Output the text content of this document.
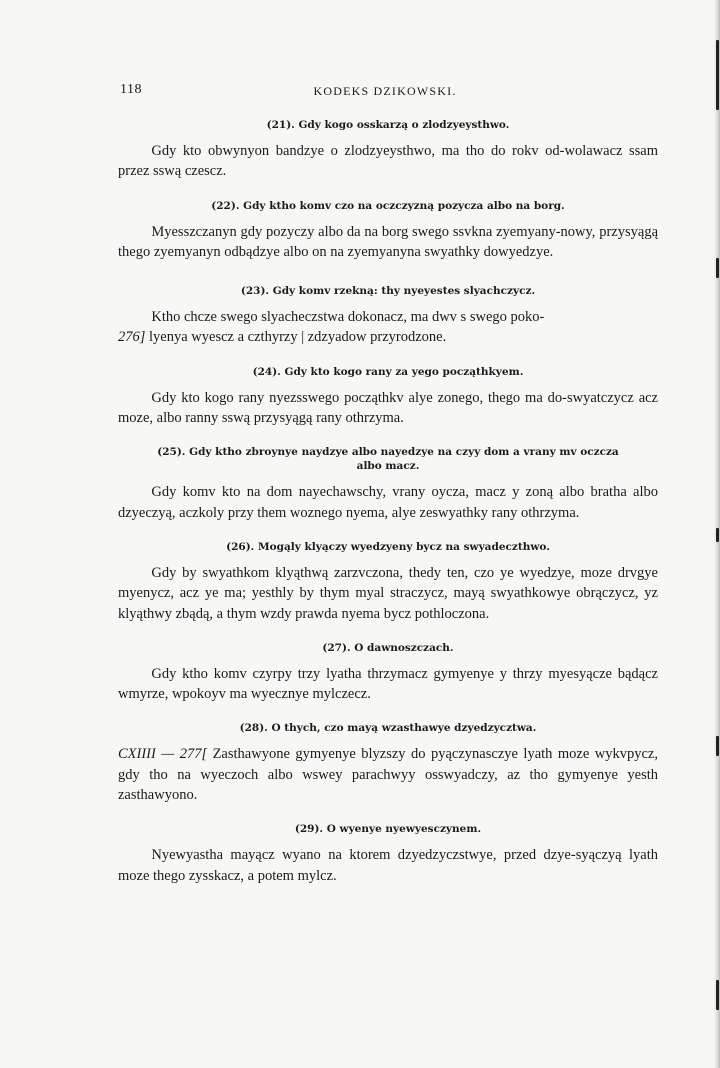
118	KODEKS DZIKOWSKI.
(21). Gdy kogo osskarzą o zlodzyeysthwo.

Gdy kto obwynyon bandzye o zlodzyeysthwo, ma tho do rokv od-wolawacz ssam przez sswą czescz.

(22). Gdy ktho komv czo na oczczyzną pozycza albo na borg.

Myesszczanyn gdy pozyczy albo da na borg swego ssvkna zyemyany-nowy, przysyągą thego zyemyanyn odbądzye albo on na zyemyanyna swyathky dowyedzye.

(23). Gdy komv rzekną: thy nyeyestes slyachczycz.

Ktho chcze swego slyacheczstwa dokonacz, ma dwv s swego poko-

276] lyenya wyescz a czthyrzy | zdzyadow przyrodzone.

(24). Gdy kto kogo rany za yego począthkyem.

Gdy kto kogo rany nyezsswego począthkv alye zonego, thego ma do-swyatczycz acz moze, albo ranny sswą przysyągą rany othrzyma.

(25). Gdy ktho zbroynye naydzye albo nayedzye na czyy dom a vrany mv oczcza albo macz.

Gdy komv kto na dom nayechawschy, vrany oycza, macz y zoną albo bratha albo dzyeczyą, aczkoly przy them woznego nyema, alye zeswyathky rany othrzyma.

(26). Mogąly klyączy wyedzyeny bycz na swyadeczthwo.

Gdy by swyathkom klyąthwą zarzvczona, thedy ten, czo ye wyedzye, moze drvgye myenycz, acz ye ma; yesthly by thym myal straczycz, mayą swyathkowye obrączycz, yz klyąthwy zbądą, a thym wzdy prawda nyema bycz pothloczona.

(27). O dawnoszczach.

Gdy ktho komv czyrpy trzy lyatha thrzymacz gymyenye y thrzy myesyącze bądącz wmyrze, wpokoyv ma wyecznye mylczecz.

(28). O thych, czo mayą wzasthawye dzyedzycztwa.

CXIIII — 277[ Zasthawyone gymyenye blyzszy do pyączynasczye lyath moze wykvpycz, gdy tho na wyeczoch albo wswey parachwyy osswyadczy, az tho gymyenye yesth zasthawyono.

(29). O wyenye nyewyesczynem.

Nyewyastha mayącz wyano na ktorem dzyedzyczstwye, przed dzye-syączyą lyath moze thego zysskacz, a potem mylcz.
